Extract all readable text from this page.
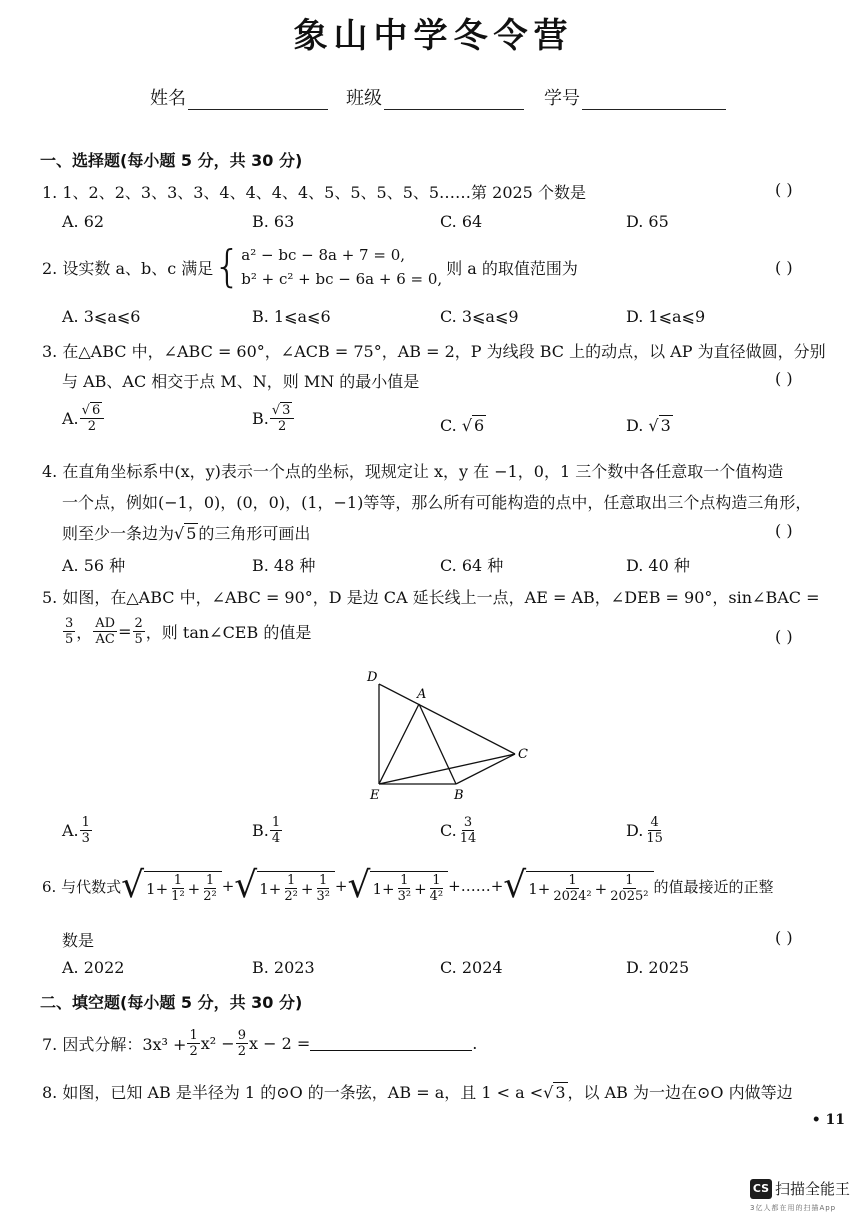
象山中学冬令营
姓名	班级	学号
一、选择题(每小题 5 分，共 30 分)
1. 1、2、2、3、3、3、4、4、4、4、5、5、5、5、5……第 2025 个数是	( )
A. 62	B. 63	C. 64	D. 65
2. 设实数 a、b、c 满足 { a² − bc − 8a + 7 = 0,
b² + c² + bc − 6a + 6 = 0,
则 a 的取值范围为	( )
A. 3⩽a⩽6	B. 1⩽a⩽6	C. 3⩽a⩽9	D. 1⩽a⩽9
3. 在△ABC 中，∠ABC = 60°，∠ACB = 75°，AB = 2，P 为线段 BC 上的动点，以 AP 为直径做圆，分别
与 AB、AC 相交于点 M、N，则 MN 的最小值是	( )
A. $\frac{√ 6}{2}$	B. $\frac{√ 3}{2}$	C. √ 6	D. √ 3
4. 在直角坐标系中(x，y)表示一个点的坐标，现规定让 x，y 在 −1，0，1 三个数中各任意取一个值构造
一个点，例如(−1，0)，(0，0)，(1，−1)等等，那么所有可能构造的点中，任意取出三个点构造三角形，
则至少一条边为√ 5 的三角形可画出	( )
A. 56 种	B. 48 种	C. 64 种	D. 40 种
5. 如图，在△ABC 中，∠ABC = 90°，D 是边 CA 延长线上一点，AE = AB，∠DEB = 90°，sin∠BAC =
$\frac{3}{5}$ ， $\frac{AD}{AC} = \frac{2}{5}$ ，则 tan∠CEB 的值是	( )
D
A
C
E	B
A. $\frac{1}{3}$	B. $\frac{1}{4}$	C. $\frac{3}{14}$	D. $\frac{4}{15}$
6. 与代数式 √ $1 + \frac{1}{\text{1²}} + \frac{1}{\text{2²}}$ + √ $1 + \frac{1}{\text{2²}} + \frac{1}{\text{3²}}$ + √ $1 + \frac{1}{\text{3²}} + \frac{1}{\text{4²}}$ +……+ √ $1 + \frac{1}{\text{2024²}} + \frac{1}{\text{2025²}}$ 的值最接近的正整
数是	( )
A. 2022	B. 2023	C. 2024	D. 2025
二、填空题(每小题 5 分，共 30 分)
7. 因式分解：$3x^3 + \frac{1}{2} x^2 - \frac{9}{2}$ x − 2 =	.
8. 如图，已知 AB 是半径为 1 的⊙O 的一条弦，AB = a，且 1 < a <√ 3 ，以 AB 为一边在⊙O 内做等边
• 11
CS 扫描全能王
3亿人都在用的扫描App
